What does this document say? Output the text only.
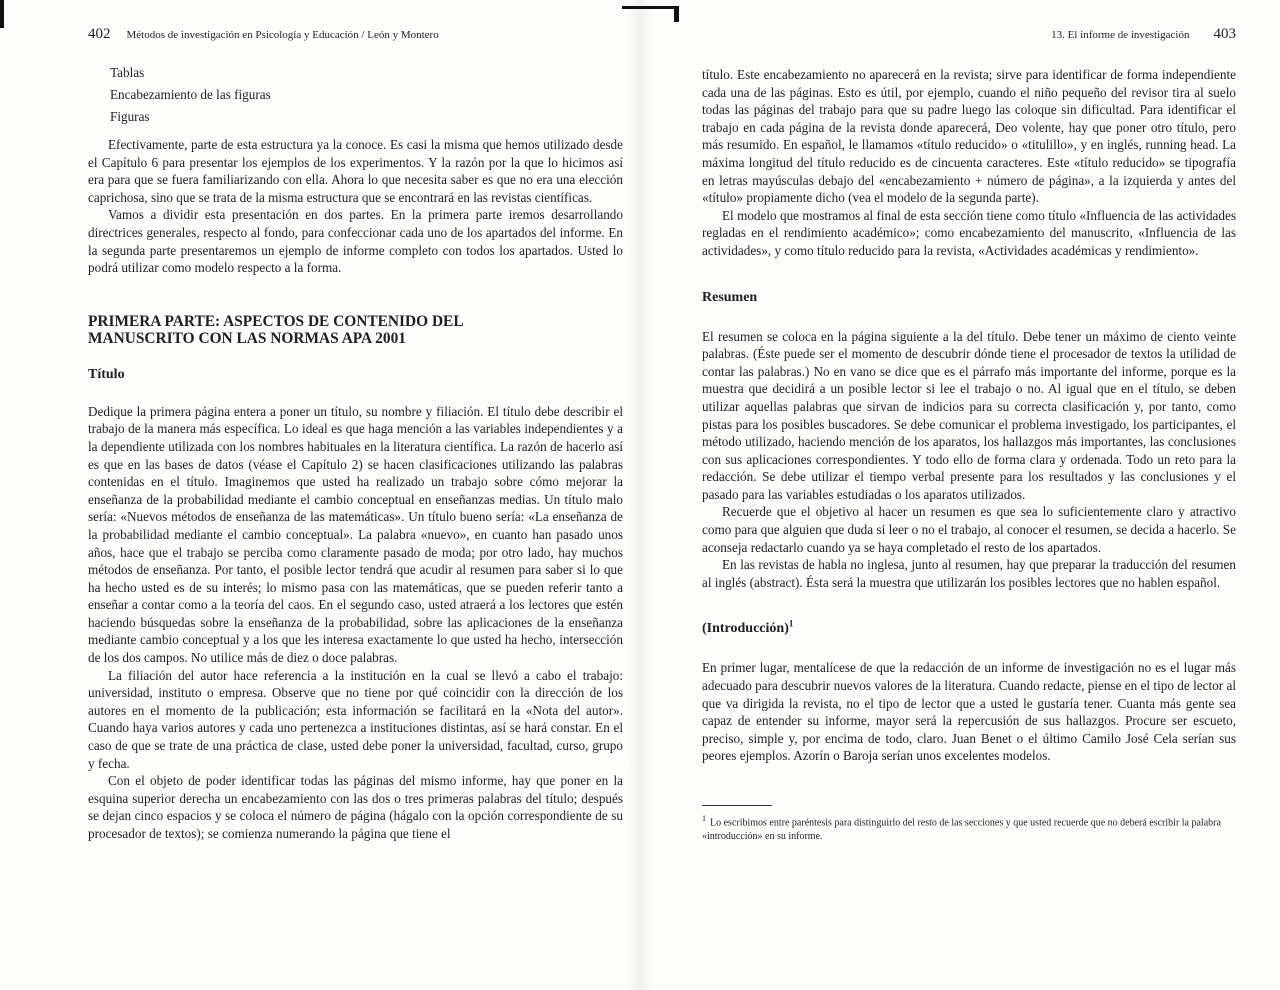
402 Métodos de investigación en Psicología y Educación / León y Montero
Tablas
Encabezamiento de las figuras
Figuras

Efectivamente, parte de esta estructura ya la conoce. Es casi la misma que hemos utilizado desde el Capítulo 6 para presentar los ejemplos de los experimentos. Y la razón por la que lo hicimos así era para que se fuera familiarizando con ella. Ahora lo que necesita saber es que no era una elección caprichosa, sino que se trata de la misma estructura que se encontrará en las revistas científicas.

Vamos a dividir esta presentación en dos partes. En la primera parte iremos desarrollando directrices generales, respecto al fondo, para confeccionar cada uno de los apartados del informe. En la segunda parte presentaremos un ejemplo de informe completo con todos los apartados. Usted lo podrá utilizar como modelo respecto a la forma.

PRIMERA PARTE: ASPECTOS DE CONTENIDO DEL MANUSCRITO CON LAS NORMAS APA 2001
Título

Dedique la primera página entera a poner un título, su nombre y filiación. El título debe describir el trabajo de la manera más específica. Lo ideal es que haga mención a las variables independientes y a la dependiente utilizada con los nombres habituales en la literatura científica. La razón de hacerlo así es que en las bases de datos (véase el Capítulo 2) se hacen clasificaciones utilizando las palabras contenidas en el título. Imaginemos que usted ha realizado un trabajo sobre cómo mejorar la enseñanza de la probabilidad mediante el cambio conceptual en enseñanzas medias. Un título malo sería: «Nuevos métodos de enseñanza de las matemáticas». Un título bueno sería: «La enseñanza de la probabilidad mediante el cambio conceptual». La palabra «nuevo», en cuanto han pasado unos años, hace que el trabajo se perciba como claramente pasado de moda; por otro lado, hay muchos métodos de enseñanza. Por tanto, el posible lector tendrá que acudir al resumen para saber si lo que ha hecho usted es de su interés; lo mismo pasa con las matemáticas, que se pueden referir tanto a enseñar a contar como a la teoría del caos. En el segundo caso, usted atraerá a los lectores que estén haciendo búsquedas sobre la enseñanza de la probabilidad, sobre las aplicaciones de la enseñanza mediante cambio conceptual y a los que les interesa exactamente lo que usted ha hecho, intersección de los dos campos. No utilice más de diez o doce palabras.

La filiación del autor hace referencia a la institución en la cual se llevó a cabo el trabajo: universidad, instituto o empresa. Observe que no tiene por qué coincidir con la dirección de los autores en el momento de la publicación; esta información se facilitará en la «Nota del autor». Cuando haya varios autores y cada uno pertenezca a instituciones distintas, así se hará constar. En el caso de que se trate de una práctica de clase, usted debe poner la universidad, facultad, curso, grupo y fecha.

Con el objeto de poder identificar todas las páginas del mismo informe, hay que poner en la esquina superior derecha un encabezamiento con las dos o tres primeras palabras del título; después se dejan cinco espacios y se coloca el número de página (hágalo con la opción correspondiente de su procesador de textos); se comienza numerando la página que tiene el

13. El informe de investigación 403

título. Este encabezamiento no aparecerá en la revista; sirve para identificar de forma independiente cada una de las páginas. Esto es útil, por ejemplo, cuando el niño pequeño del revisor tira al suelo todas las páginas del trabajo para que su padre luego las coloque sin dificultad. Para identificar el trabajo en cada página de la revista donde aparecerá, Deo volente, hay que poner otro título, pero más resumido. En español, le llamamos «título reducido» o «titulillo», y en inglés, running head. La máxima longitud del título reducido es de cincuenta caracteres. Este «título reducido» se tipografía en letras mayúsculas debajo del «encabezamiento + número de página», a la izquierda y antes del «título» propiamente dicho (vea el modelo de la segunda parte).

El modelo que mostramos al final de esta sección tiene como título «Influencia de las actividades regladas en el rendimiento académico»; como encabezamiento del manuscrito, «Influencia de las actividades», y como título reducido para la revista, «Actividades académicas y rendimiento».

Resumen

El resumen se coloca en la página siguiente a la del título. Debe tener un máximo de ciento veinte palabras. (Éste puede ser el momento de descubrir dónde tiene el procesador de textos la utilidad de contar las palabras.) No en vano se dice que es el párrafo más importante del informe, porque es la muestra que decidirá a un posible lector si lee el trabajo o no. Al igual que en el título, se deben utilizar aquellas palabras que sirvan de indicios para su correcta clasificación y, por tanto, como pistas para los posibles buscadores. Se debe comunicar el problema investigado, los participantes, el método utilizado, haciendo mención de los aparatos, los hallazgos más importantes, las conclusiones con sus aplicaciones correspondientes. Y todo ello de forma clara y ordenada. Todo un reto para la redacción. Se debe utilizar el tiempo verbal presente para los resultados y las conclusiones y el pasado para las variables estudiadas o los aparatos utilizados.

Recuerde que el objetivo al hacer un resumen es que sea lo suficientemente claro y atractivo como para que alguien que duda si leer o no el trabajo, al conocer el resumen, se decida a hacerlo. Se aconseja redactarlo cuando ya se haya completado el resto de los apartados.

En las revistas de habla no inglesa, junto al resumen, hay que preparar la traducción del resumen al inglés (abstract). Ésta será la muestra que utilizarán los posibles lectores que no hablen español.

(Introducción)$^1$

En primer lugar, mentalícese de que la redacción de un informe de investigación no es el lugar más adecuado para descubrir nuevos valores de la literatura. Cuando redacte, piense en el tipo de lector al que va dirigida la revista, no el tipo de lector que a usted le gustaría tener. Cuanta más gente sea capaz de entender su informe, mayor será la repercusión de sus hallazgos. Procure ser escueto, preciso, simple y, por encima de todo, claro. Juan Benet o el último Camilo José Cela serían sus peores ejemplos. Azorín o Baroja serían unos excelentes modelos.

$^1$ Lo escribimos entre paréntesis para distinguirlo del resto de las secciones y que usted recuerde que no deberá escribir la palabra «introducción» en su informe.
